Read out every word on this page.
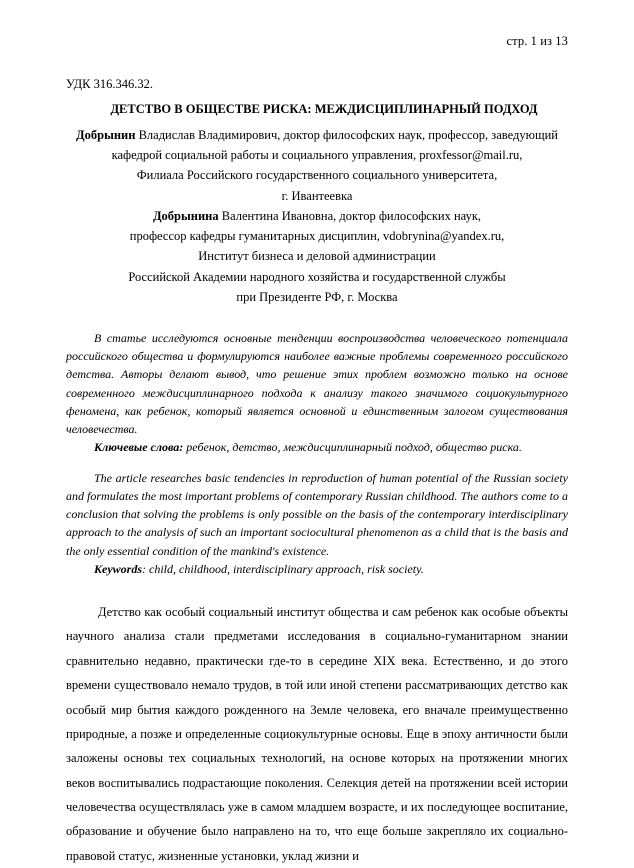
стр. 1 из 13
УДК 316.346.32.
ДЕТСТВО В ОБЩЕСТВЕ РИСКА: МЕЖДИСЦИПЛИНАРНЫЙ ПОДХОД
Добрынин Владислав Владимирович, доктор философских наук, профессор, заведующий
кафедрой социальной работы и социального управления, proxfessor@mail.ru,
Филиала Российского государственного социального университета,
г. Ивантеевка
Добрынина Валентина Ивановна, доктор философских наук,
профессор кафедры гуманитарных дисциплин, vdobrynina@yandex.ru,
Институт бизнеса и деловой администрации
Российской Академии народного хозяйства и государственной службы
при Президенте РФ, г. Москва

В статье исследуются основные тенденции воспроизводства человеческого потенциала российского общества и формулируются наиболее важные проблемы современного российского детства. Авторы делают вывод, что решение этих проблем возможно только на основе современного междисциплинарного подхода к анализу такого значимого социокультурного феномена, как ребенок, который является основной и единственным залогом существования человечества.

Ключевые слова: ребенок, детство, междисциплинарный подход, общество риска.

The article researches basic tendencies in reproduction of human potential of the Russian society and formulates the most important problems of contemporary Russian childhood. The authors come to a conclusion that solving the problems is only possible on the basis of the contemporary interdisciplinary approach to the analysis of such an important sociocultural phenomenon as a child that is the basis and the only essential condition of the mankind's existence.

Keywords: child, childhood, interdisciplinary approach, risk society.

Детство как особый социальный институт общества и сам ребенок как особые объекты научного анализа стали предметами исследования в социально-гуманитарном знании сравнительно недавно, практически где-то в середине XIX века. Естественно, и до этого времени существовало немало трудов, в той или иной степени рассматривающих детство как особый мир бытия каждого рожденного на Земле человека, его вначале преимущественно природные, а позже и определенные социокультурные основы. Еще в эпоху античности были заложены основы тех социальных технологий, на основе которых на протяжении многих веков воспитывались подрастающие поколения. Селекция детей на протяжении всей истории человечества осуществлялась уже в самом младшем возрасте, и их последующее воспитание, образование и обучение было направлено на то, что еще больше закрепляло их социально-правовой статус, жизненные установки, уклад жизни и
